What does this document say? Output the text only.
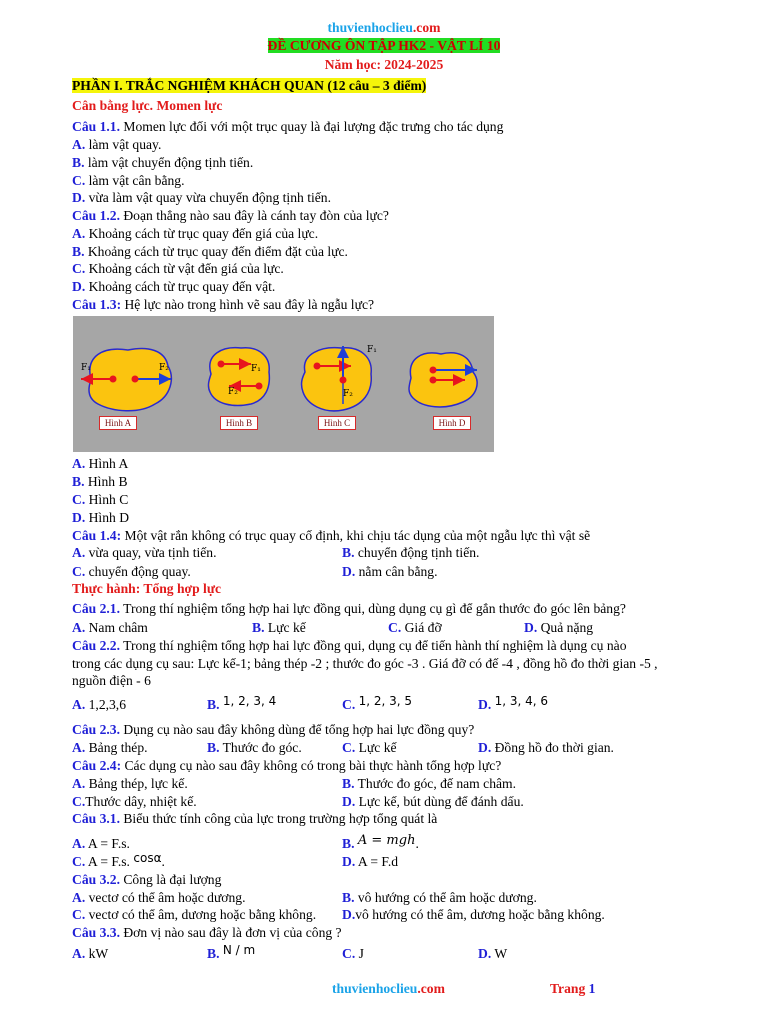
thuvienhoclieu.com
ĐỀ CƯƠNG ÔN TẬP HK2 - VẬT LÍ 10
Năm học: 2024-2025
PHẦN I. TRẮC NGHIỆM KHÁCH QUAN (12 câu – 3 điểm)
Cân bằng lực. Momen lực
Câu 1.1. Momen lực đối với một trục quay là đại lượng đặc trưng cho tác dụng
A. làm vật quay.
B. làm vật chuyển động tịnh tiến.
C. làm vật cân bằng.
D. vừa làm vật quay vừa chuyển động tịnh tiến.
Câu 1.2. Đoạn thẳng nào sau đây là cánh tay đòn của lực?
A. Khoảng cách từ trục quay đến giá của lực.
B. Khoảng cách từ trục quay đến điểm đặt của lực.
C. Khoảng cách từ vật đến giá của lực.
D. Khoảng cách từ trục quay đến vật.
Câu 1.3: Hệ lực nào trong hình vẽ sau đây là ngẫu lực?
F₁	F₂	F₁
F₂
F₁
F₂
Hình A	Hình B	Hình C	Hình D
A. Hình A
B. Hình B
C. Hình C
D. Hình D
Câu 1.4: Một vật rắn không có trục quay cố định, khi chịu tác dụng của một ngẫu lực thì vật sẽ
A. vừa quay, vừa tịnh tiến.	B. chuyển động tịnh tiến.
C. chuyển động quay.	D. nằm cân bằng.
Thực hành: Tổng hợp lực
Câu 2.1. Trong thí nghiệm tổng hợp hai lực đồng qui, dùng dụng cụ gì để gắn thước đo góc lên bảng?
A. Nam châm	B. Lực kế	C. Giá đỡ	D. Quả nặng
Câu 2.2. Trong thí nghiệm tổng hợp hai lực đồng qui, dụng cụ để tiến hành thí nghiệm là dụng cụ nào
trong các dụng cụ sau: Lực kế-1; bảng thép -2 ; thước đo góc -3 . Giá đỡ có đế -4 , đồng hồ đo thời gian -5 ,
nguồn điện - 6
A. 1,2,3,6	B. 1, 2, 3, 4	C. 1, 2, 3, 5	D. 1, 3, 4, 6
Câu 2.3. Dụng cụ nào sau đây không dùng để tổng hợp hai lực đồng quy?
A. Bảng thép.	B. Thước đo góc.	C. Lực kế	D. Đồng hồ đo thời gian.
Câu 2.4: Các dụng cụ nào sau đây không có trong bài thực hành tổng hợp lực?
A. Bảng thép, lực kế.	B. Thước đo góc, đế nam châm.
C.Thước dây, nhiệt kế.	D. Lực kế, bút dùng để đánh dấu.
Câu 3.1. Biểu thức tính công của lực trong trường hợp tổng quát là
A. A = F.s.	B. A = mgh.
C. A = F.s. cosα.	D. A = F.d
Câu 3.2. Công là đại lượng
A. vectơ có thể âm hoặc dương.	B. vô hướng có thể âm hoặc dương.
C. vectơ có thể âm, dương hoặc bằng không. D.vô hướng có thể âm, dương hoặc bằng không.
Câu 3.3. Đơn vị nào sau đây là đơn vị của công ?
A. kW	B. N / m	C. J	D. W
thuvienhoclieu.com	Trang 1
